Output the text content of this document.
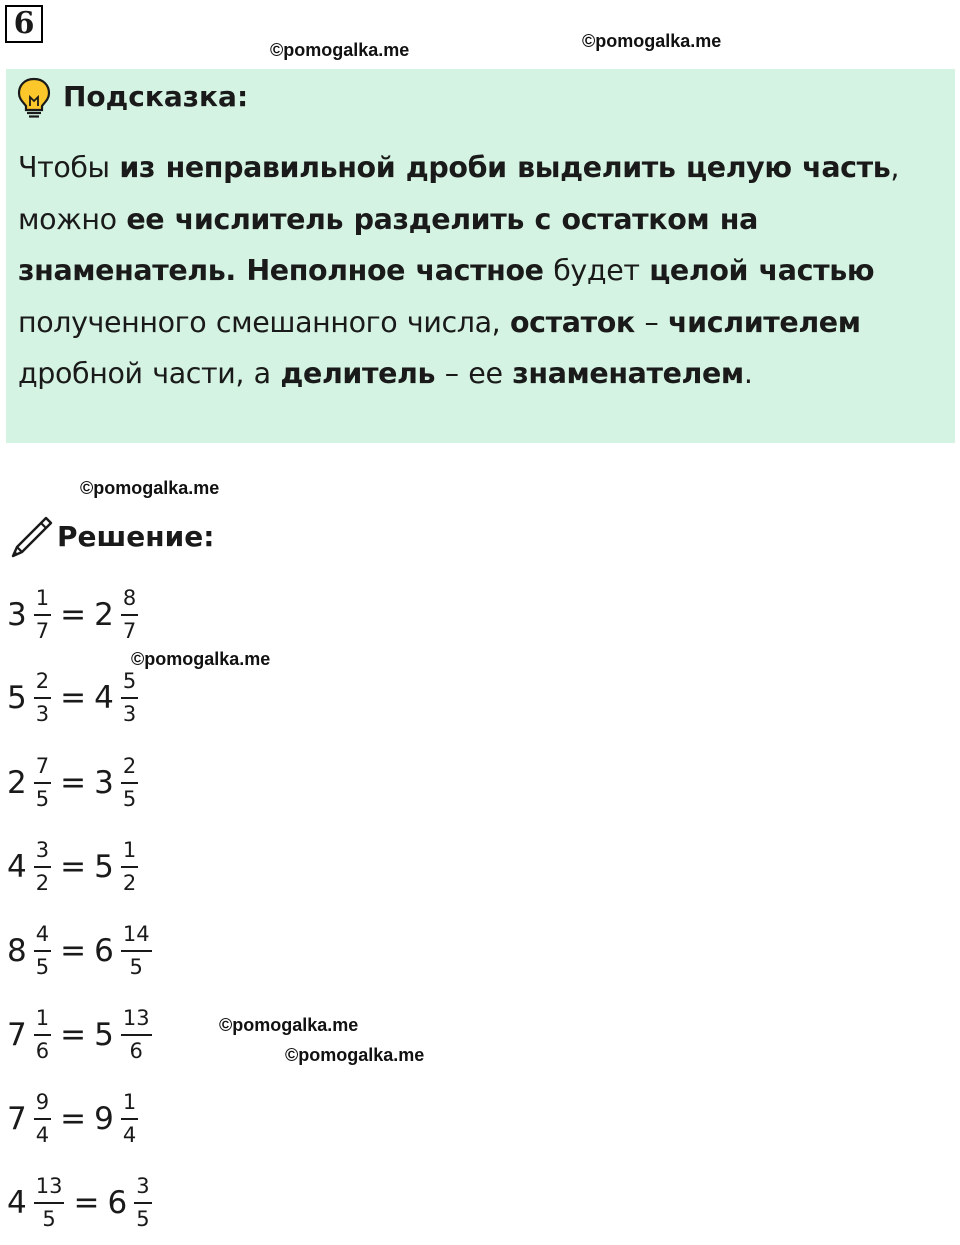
6
©pomogalka.me	©pomogalka.me
Подсказка:
Чтобы из неправильной дроби выделить целую часть, можно ее числитель разделить с остатком на знаменатель. Неполное частное будет целой частью полученного смешанного числа, остаток – числителем дробной части, а делитель – ее знаменателем.
©pomogalka.me
Решение:
$3 \frac{1}{7} = 2 \frac{8}{7}$
$5 \frac{2}{3} = 4 \frac{5}{3}$
$2 \frac{7}{5} = 3 \frac{2}{5}$
$4 \frac{3}{2} = 5 \frac{1}{2}$
$8 \frac{4}{5} = 6 \frac{14}{5}$
$7 \frac{1}{6} = 5 \frac{13}{6}$
$7 \frac{9}{4} = 9 \frac{1}{4}$
$4 \frac{13}{5} = 6 \frac{3}{5}$
©pomogalka.me
©pomogalka.me
©pomogalka.me
